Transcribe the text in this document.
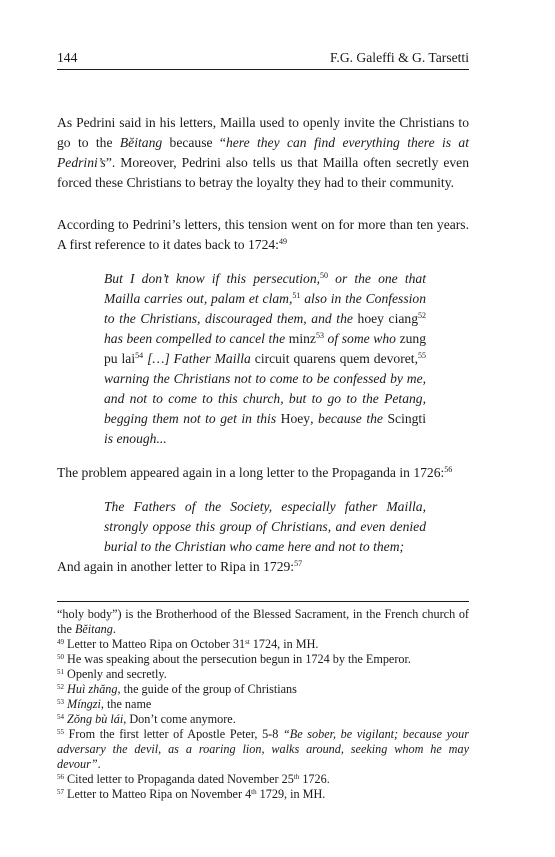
144	F.G. Galeffi & G. Tarsetti

As Pedrini said in his letters, Mailla used to openly invite the Christians to go to the Bĕitang because “here they can find everything there is at Pedrini’s”. Moreover, Pedrini also tells us that Mailla often secretly even forced these Christians to betray the loyalty they had to their community.

According to Pedrini’s letters, this tension went on for more than ten years. A first reference to it dates back to 1724:$^{49}$

But I don’t know if this persecution,$^{50}$ or the one that Mailla carries out, palam et clam,$^{51}$ also in the Confession to the Christians, discouraged them, and the hoey ciang$^{52}$ has been compelled to cancel the minz$^{53}$ of some who zung pu lai$^{54}$ […] Father Mailla circuit quarens quem devoret,$^{55}$ warning the Christians not to come to be confessed by me, and not to come to this church, but to go to the Petang, begging them not to get in this Hoey, because the Scingti is enough...

The problem appeared again in a long letter to the Propaganda in 1726:$^{56}$

The Fathers of the Society, especially father Mailla, strongly oppose this group of Christians, and even denied burial to the Christian who came here and not to them;

And again in another letter to Ripa in 1729:$^{57}$

“holy body”) is the Brotherhood of the Blessed Sacrament, in the French church of the Bĕitang.

$^{49}$ Letter to Matteo Ripa on October 31st 1724, in MH.

$^{50}$ He was speaking about the persecution begun in 1724 by the Emperor.

$^{51}$ Openly and secretly.

$^{52}$ Huì zhăng, the guide of the group of Christians

$^{53}$ Míngzi, the name

$^{54}$ Zŏng bù lái, Don’t come anymore.

$^{55}$ From the first letter of Apostle Peter, 5-8 “Be sober, be vigilant; because your adversary the devil, as a roaring lion, walks around, seeking whom he may devour”.

$^{56}$ Cited letter to Propaganda dated November 25th 1726.

$^{57}$ Letter to Matteo Ripa on November 4th 1729, in MH.
